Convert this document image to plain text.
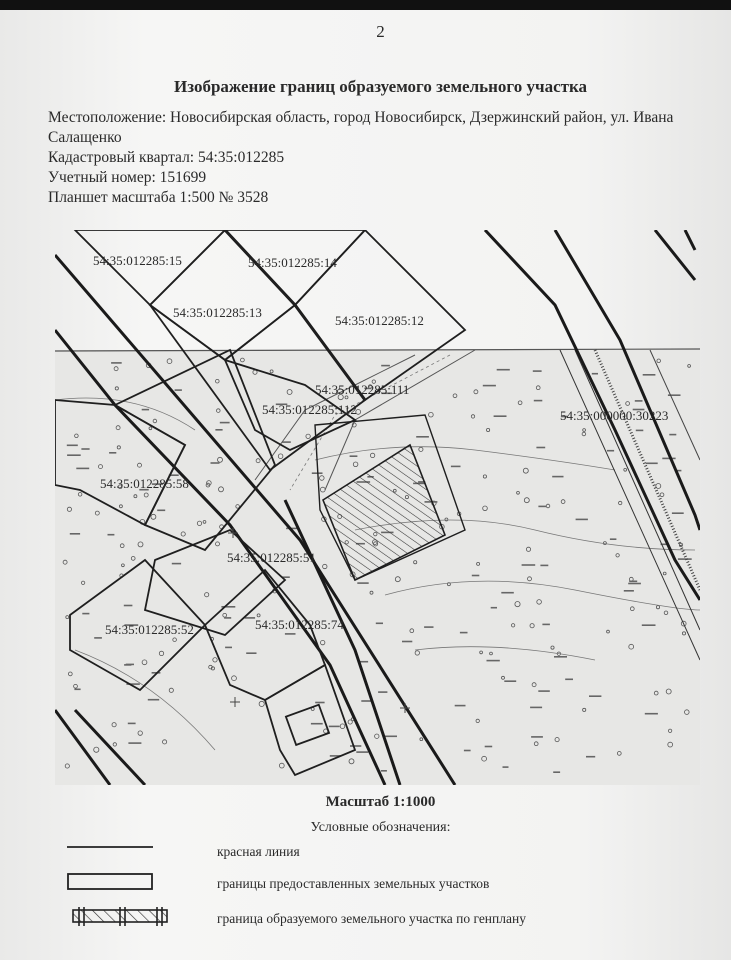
2
Изображение границ образуемого земельного участка
Местоположение: Новосибирская область, город Новосибирск, Дзержинский район, ул. Ивана
Салащенко
Кадастровый квартал: 54:35:012285
Учетный номер: 151699
Планшет масштаба 1:500 № 3528
54:35:012285:15	54:35:012285:14
54:35:012285:13
54:35:012285:12
54:35:012285:111
54:35:012285:112	54:35:000000:30223
54:35:012285:58
54:35:012285:51
54:35:012285:52	54:35:012285:74
Масштаб 1:1000
Условные обозначения:
красная линия
границы предоставленных земельных участков
граница образуемого земельного участка по генплану
